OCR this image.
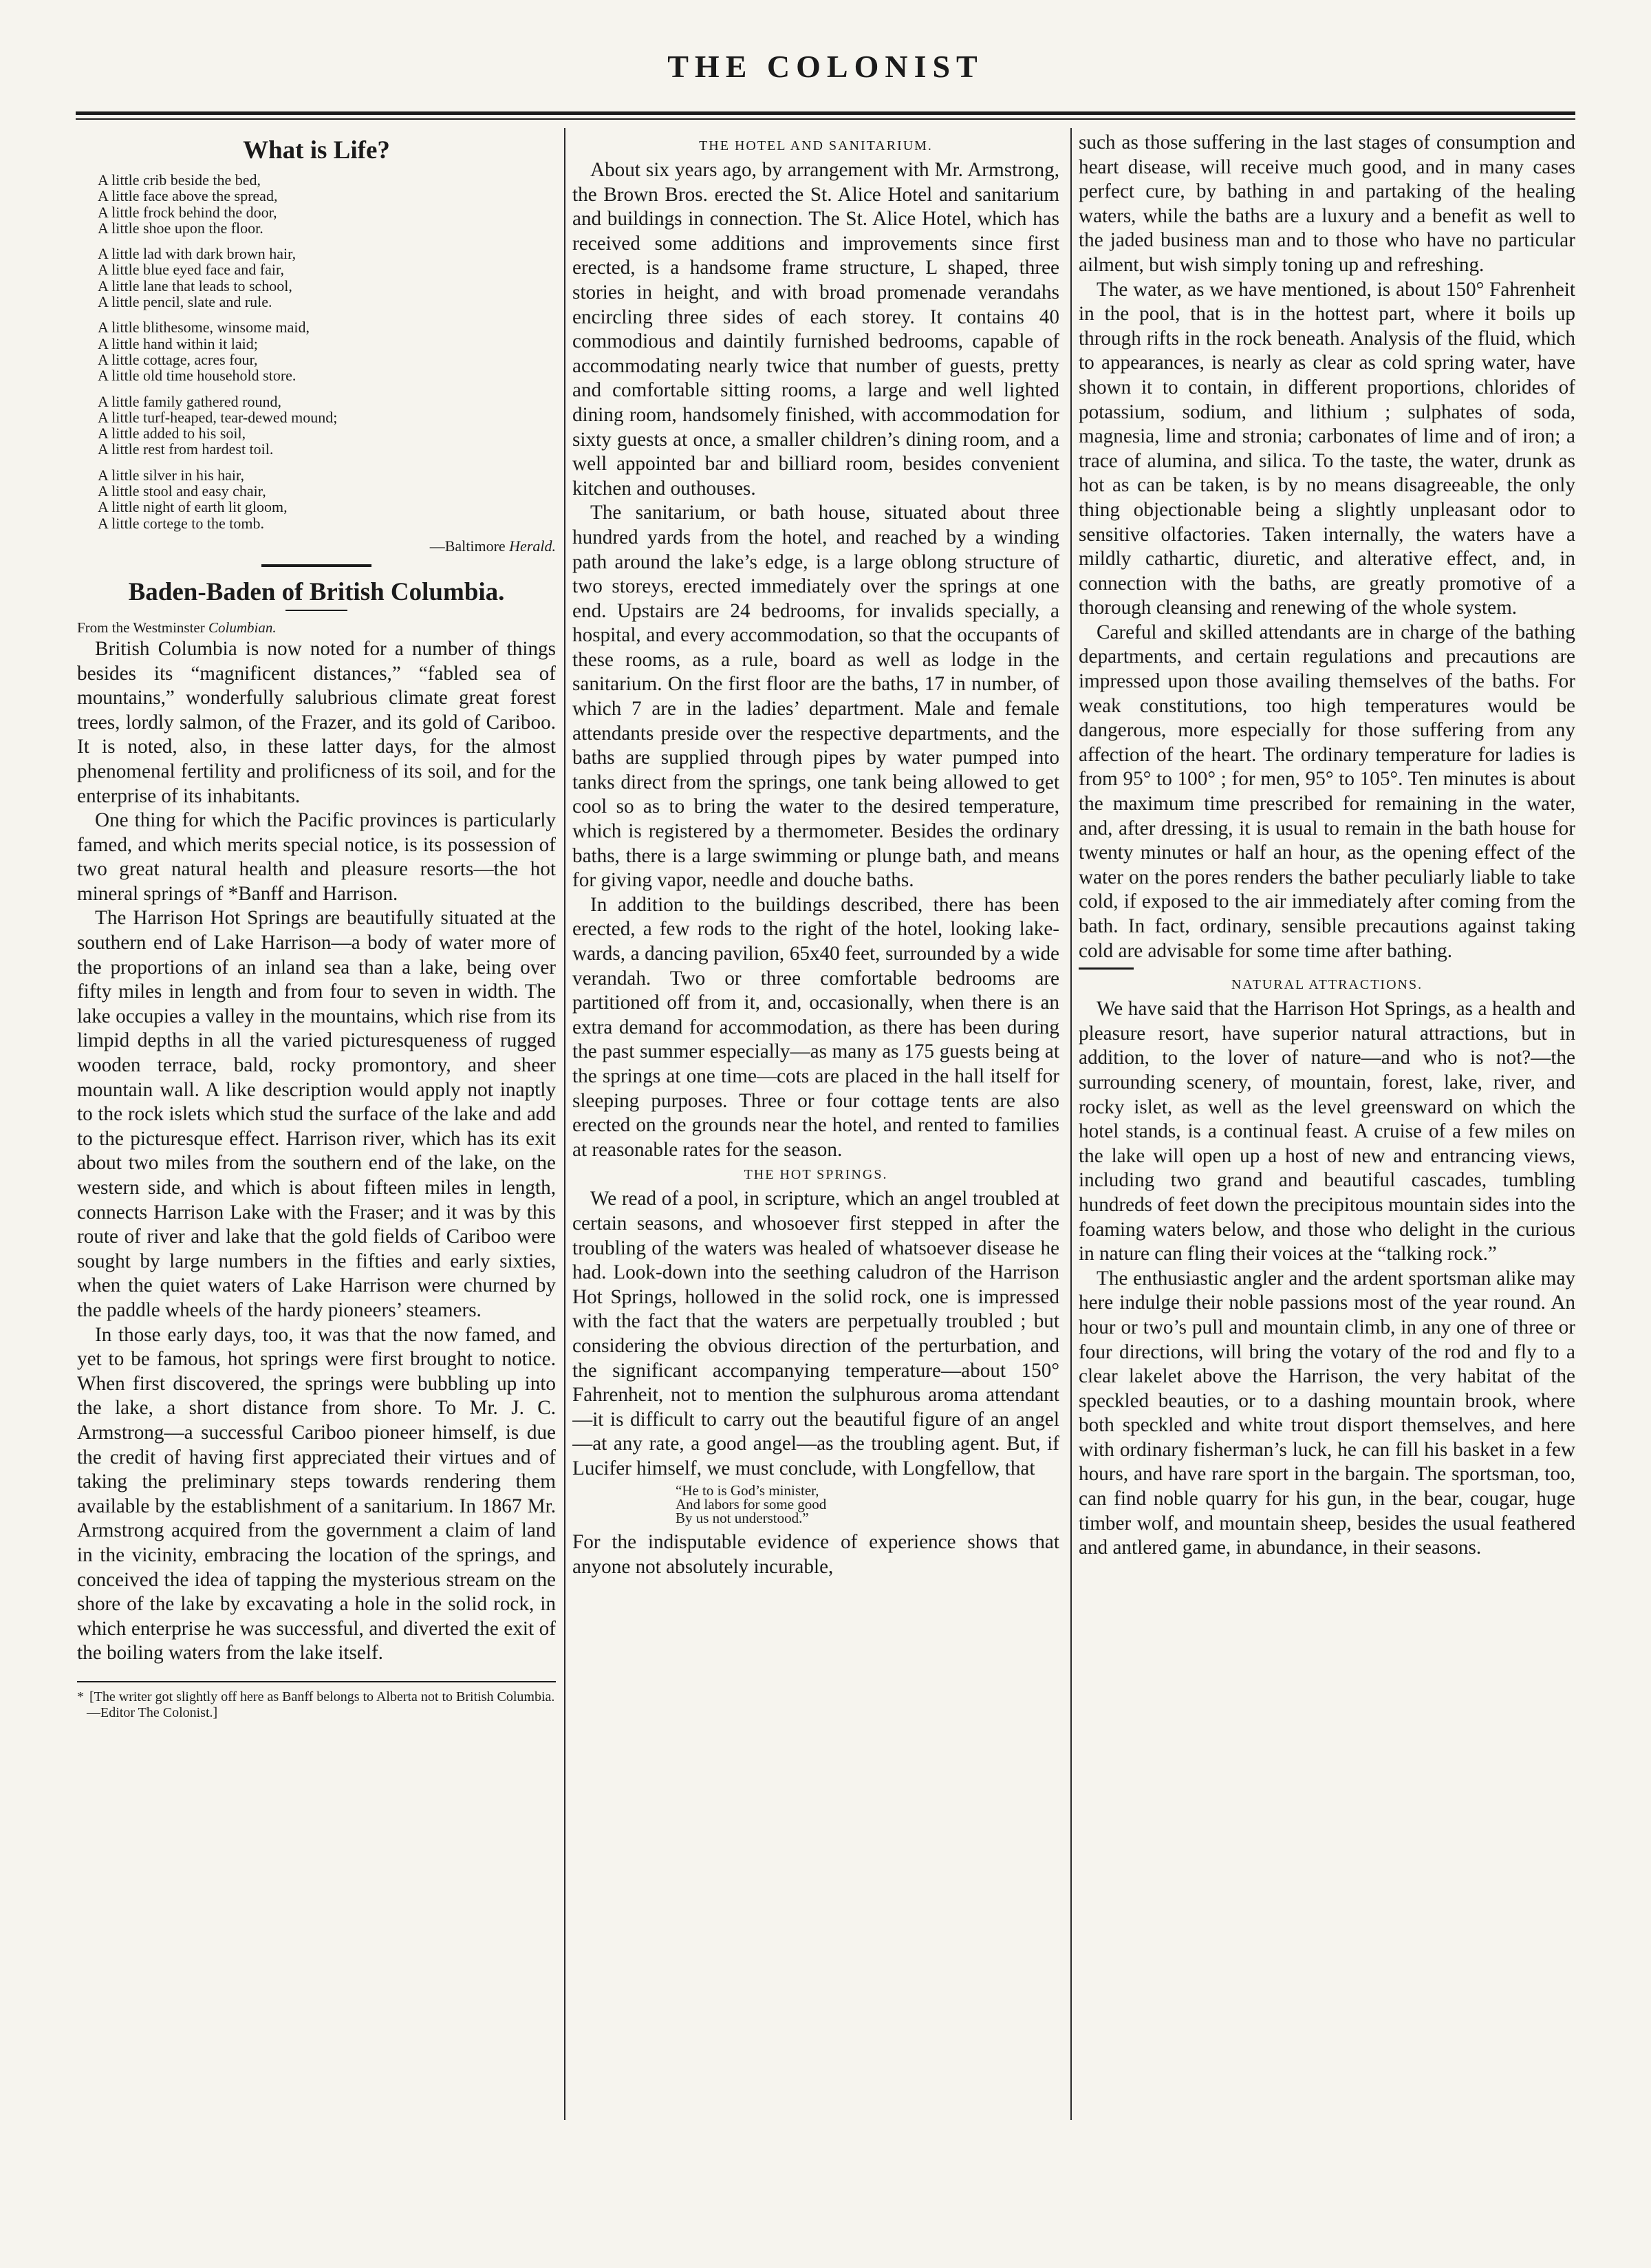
THE COLONIST
What is Life?
A little crib beside the bed,
A little face above the spread,
A little frock behind the door,
A little shoe upon the floor.
A little lad with dark brown hair,
A little blue eyed face and fair,
A little lane that leads to school,
A little pencil, slate and rule.
A little blithesome, winsome maid,
A little hand within it laid;
A little cottage, acres four,
A little old time household store.
A little family gathered round,
A little turf-heaped, tear-dewed mound;
A little added to his soil,
A little rest from hardest toil.
A little silver in his hair,
A little stool and easy chair,
A little night of earth lit gloom,
A little cortege to the tomb.
—Baltimore Herald.
Baden-Baden of British Columbia.
From the Westminster Columbian.

British Columbia is now noted for a number of things besides its “magnificent distances,” “fabled sea of mountains,” wonderfully salubrious climate great forest trees, lordly salmon, of the Frazer, and its gold of Cariboo. It is noted, also, in these latter days, for the almost phenomenal fertility and prolificness of its soil, and for the enterprise of its inhabitants.

One thing for which the Pacific provinces is particularly famed, and which merits special notice, is its possession of two great natural health and pleasure resorts—the hot mineral springs of *Banff and Harrison.

The Harrison Hot Springs are beautifully situated at the southern end of Lake Harrison—a body of water more of the proportions of an inland sea than a lake, being over fifty miles in length and from four to seven in width. The lake occupies a valley in the mountains, which rise from its limpid depths in all the varied picturesqueness of rugged wooden terrace, bald, rocky promontory, and sheer mountain wall. A like description would apply not inaptly to the rock islets which stud the surface of the lake and add to the picturesque effect. Harrison river, which has its exit about two miles from the southern end of the lake, on the western side, and which is about fifteen miles in length, connects Harrison Lake with the Fraser; and it was by this route of river and lake that the gold fields of Cariboo were sought by large numbers in the fifties and early sixties, when the quiet waters of Lake Harrison were churned by the paddle wheels of the hardy pioneers’ steamers.

In those early days, too, it was that the now famed, and yet to be famous, hot springs were first brought to notice. When first discovered, the springs were bubbling up into the lake, a short distance from shore. To Mr. J. C. Armstrong—a successful Cariboo pioneer himself, is due the credit of having first appreciated their virtues and of taking the preliminary steps towards rendering them available by the establishment of a sanitarium. In 1867 Mr. Armstrong acquired from the government a claim of land in the vicinity, embracing the location of the springs, and conceived the idea of tapping the mysterious stream on the shore of the lake by excavating a hole in the solid rock, in which enterprise he was successful, and diverted the exit of the boiling waters from the lake itself.

* [The writer got slightly off here as Banff belongs to Alberta not to British Columbia.—Editor The Colonist.]
THE HOTEL AND SANITARIUM.

About six years ago, by arrangement with Mr. Armstrong, the Brown Bros. erected the St. Alice Hotel and sanitarium and buildings in connection. The St. Alice Hotel, which has received some additions and improvements since first erected, is a handsome frame structure, L shaped, three stories in height, and with broad promenade verandahs encircling three sides of each storey. It contains 40 commodious and daintily furnished bedrooms, capable of accommodating nearly twice that number of guests, pretty and comfortable sitting rooms, a large and well lighted dining room, handsomely finished, with accommodation for sixty guests at once, a smaller children’s dining room, and a well appointed bar and billiard room, besides convenient kitchen and outhouses.

The sanitarium, or bath house, situated about three hundred yards from the hotel, and reached by a winding path around the lake’s edge, is a large oblong structure of two storeys, erected immediately over the springs at one end. Upstairs are 24 bedrooms, for invalids specially, a hospital, and every accommodation, so that the occupants of these rooms, as a rule, board as well as lodge in the sanitarium. On the first floor are the baths, 17 in number, of which 7 are in the ladies’ department. Male and female attendants preside over the respective departments, and the baths are supplied through pipes by water pumped into tanks direct from the springs, one tank being allowed to get cool so as to bring the water to the desired temperature, which is registered by a thermometer. Besides the ordinary baths, there is a large swimming or plunge bath, and means for giving vapor, needle and douche baths.

In addition to the buildings described, there has been erected, a few rods to the right of the hotel, looking lake-wards, a dancing pavilion, 65x40 feet, surrounded by a wide verandah. Two or three comfortable bedrooms are partitioned off from it, and, occasionally, when there is an extra demand for accommodation, as there has been during the past summer especially—as many as 175 guests being at the springs at one time—cots are placed in the hall itself for sleeping purposes. Three or four cottage tents are also erected on the grounds near the hotel, and rented to families at reasonable rates for the season.

THE HOT SPRINGS.

We read of a pool, in scripture, which an angel troubled at certain seasons, and whosoever first stepped in after the troubling of the waters was healed of whatsoever disease he had. Look-down into the seething caludron of the Harrison Hot Springs, hollowed in the solid rock, one is impressed with the fact that the waters are perpetually troubled ; but considering the obvious direction of the perturbation, and the significant accompanying temperature—about 150° Fahrenheit, not to mention the sulphurous aroma attendant—it is difficult to carry out the beautiful figure of an angel—at any rate, a good angel—as the troubling agent. But, if Lucifer himself, we must conclude, with Longfellow, that

“He to is God’s minister,
And labors for some good
By us not understood.”

For the indisputable evidence of experience shows that anyone not absolutely incurable,

such as those suffering in the last stages of consumption and heart disease, will receive much good, and in many cases perfect cure, by bathing in and partaking of the healing waters, while the baths are a luxury and a benefit as well to the jaded business man and to those who have no particular ailment, but wish simply toning up and refreshing.

The water, as we have mentioned, is about 150° Fahrenheit in the pool, that is in the hottest part, where it boils up through rifts in the rock beneath. Analysis of the fluid, which to appearances, is nearly as clear as cold spring water, have shown it to contain, in different proportions, chlorides of potassium, sodium, and lithium ; sulphates of soda, magnesia, lime and stronia; carbonates of lime and of iron; a trace of alumina, and silica. To the taste, the water, drunk as hot as can be taken, is by no means disagreeable, the only thing objectionable being a slightly unpleasant odor to sensitive olfactories. Taken internally, the waters have a mildly cathartic, diuretic, and alterative effect, and, in connection with the baths, are greatly promotive of a thorough cleansing and renewing of the whole system.

Careful and skilled attendants are in charge of the bathing departments, and certain regulations and precautions are impressed upon those availing themselves of the baths. For weak constitutions, too high temperatures would be dangerous, more especially for those suffering from any affection of the heart. The ordinary temperature for ladies is from 95° to 100° ; for men, 95° to 105°. Ten minutes is about the maximum time prescribed for remaining in the water, and, after dressing, it is usual to remain in the bath house for twenty minutes or half an hour, as the opening effect of the water on the pores renders the bather peculiarly liable to take cold, if exposed to the air immediately after coming from the bath. In fact, ordinary, sensible precautions against taking cold are advisable for some time after bathing.

NATURAL ATTRACTIONS.

We have said that the Harrison Hot Springs, as a health and pleasure resort, have superior natural attractions, but in addition, to the lover of nature—and who is not?—the surrounding scenery, of mountain, forest, lake, river, and rocky islet, as well as the level greensward on which the hotel stands, is a continual feast. A cruise of a few miles on the lake will open up a host of new and entrancing views, including two grand and beautiful cascades, tumbling hundreds of feet down the precipitous mountain sides into the foaming waters below, and those who delight in the curious in nature can fling their voices at the “talking rock.”

The enthusiastic angler and the ardent sportsman alike may here indulge their noble passions most of the year round. An hour or two’s pull and mountain climb, in any one of three or four directions, will bring the votary of the rod and fly to a clear lakelet above the Harrison, the very habitat of the speckled beauties, or to a dashing mountain brook, where both speckled and white trout disport themselves, and here with ordinary fisherman’s luck, he can fill his basket in a few hours, and have rare sport in the bargain. The sportsman, too, can find noble quarry for his gun, in the bear, cougar, huge timber wolf, and mountain sheep, besides the usual feathered and antlered game, in abundance, in their seasons.
